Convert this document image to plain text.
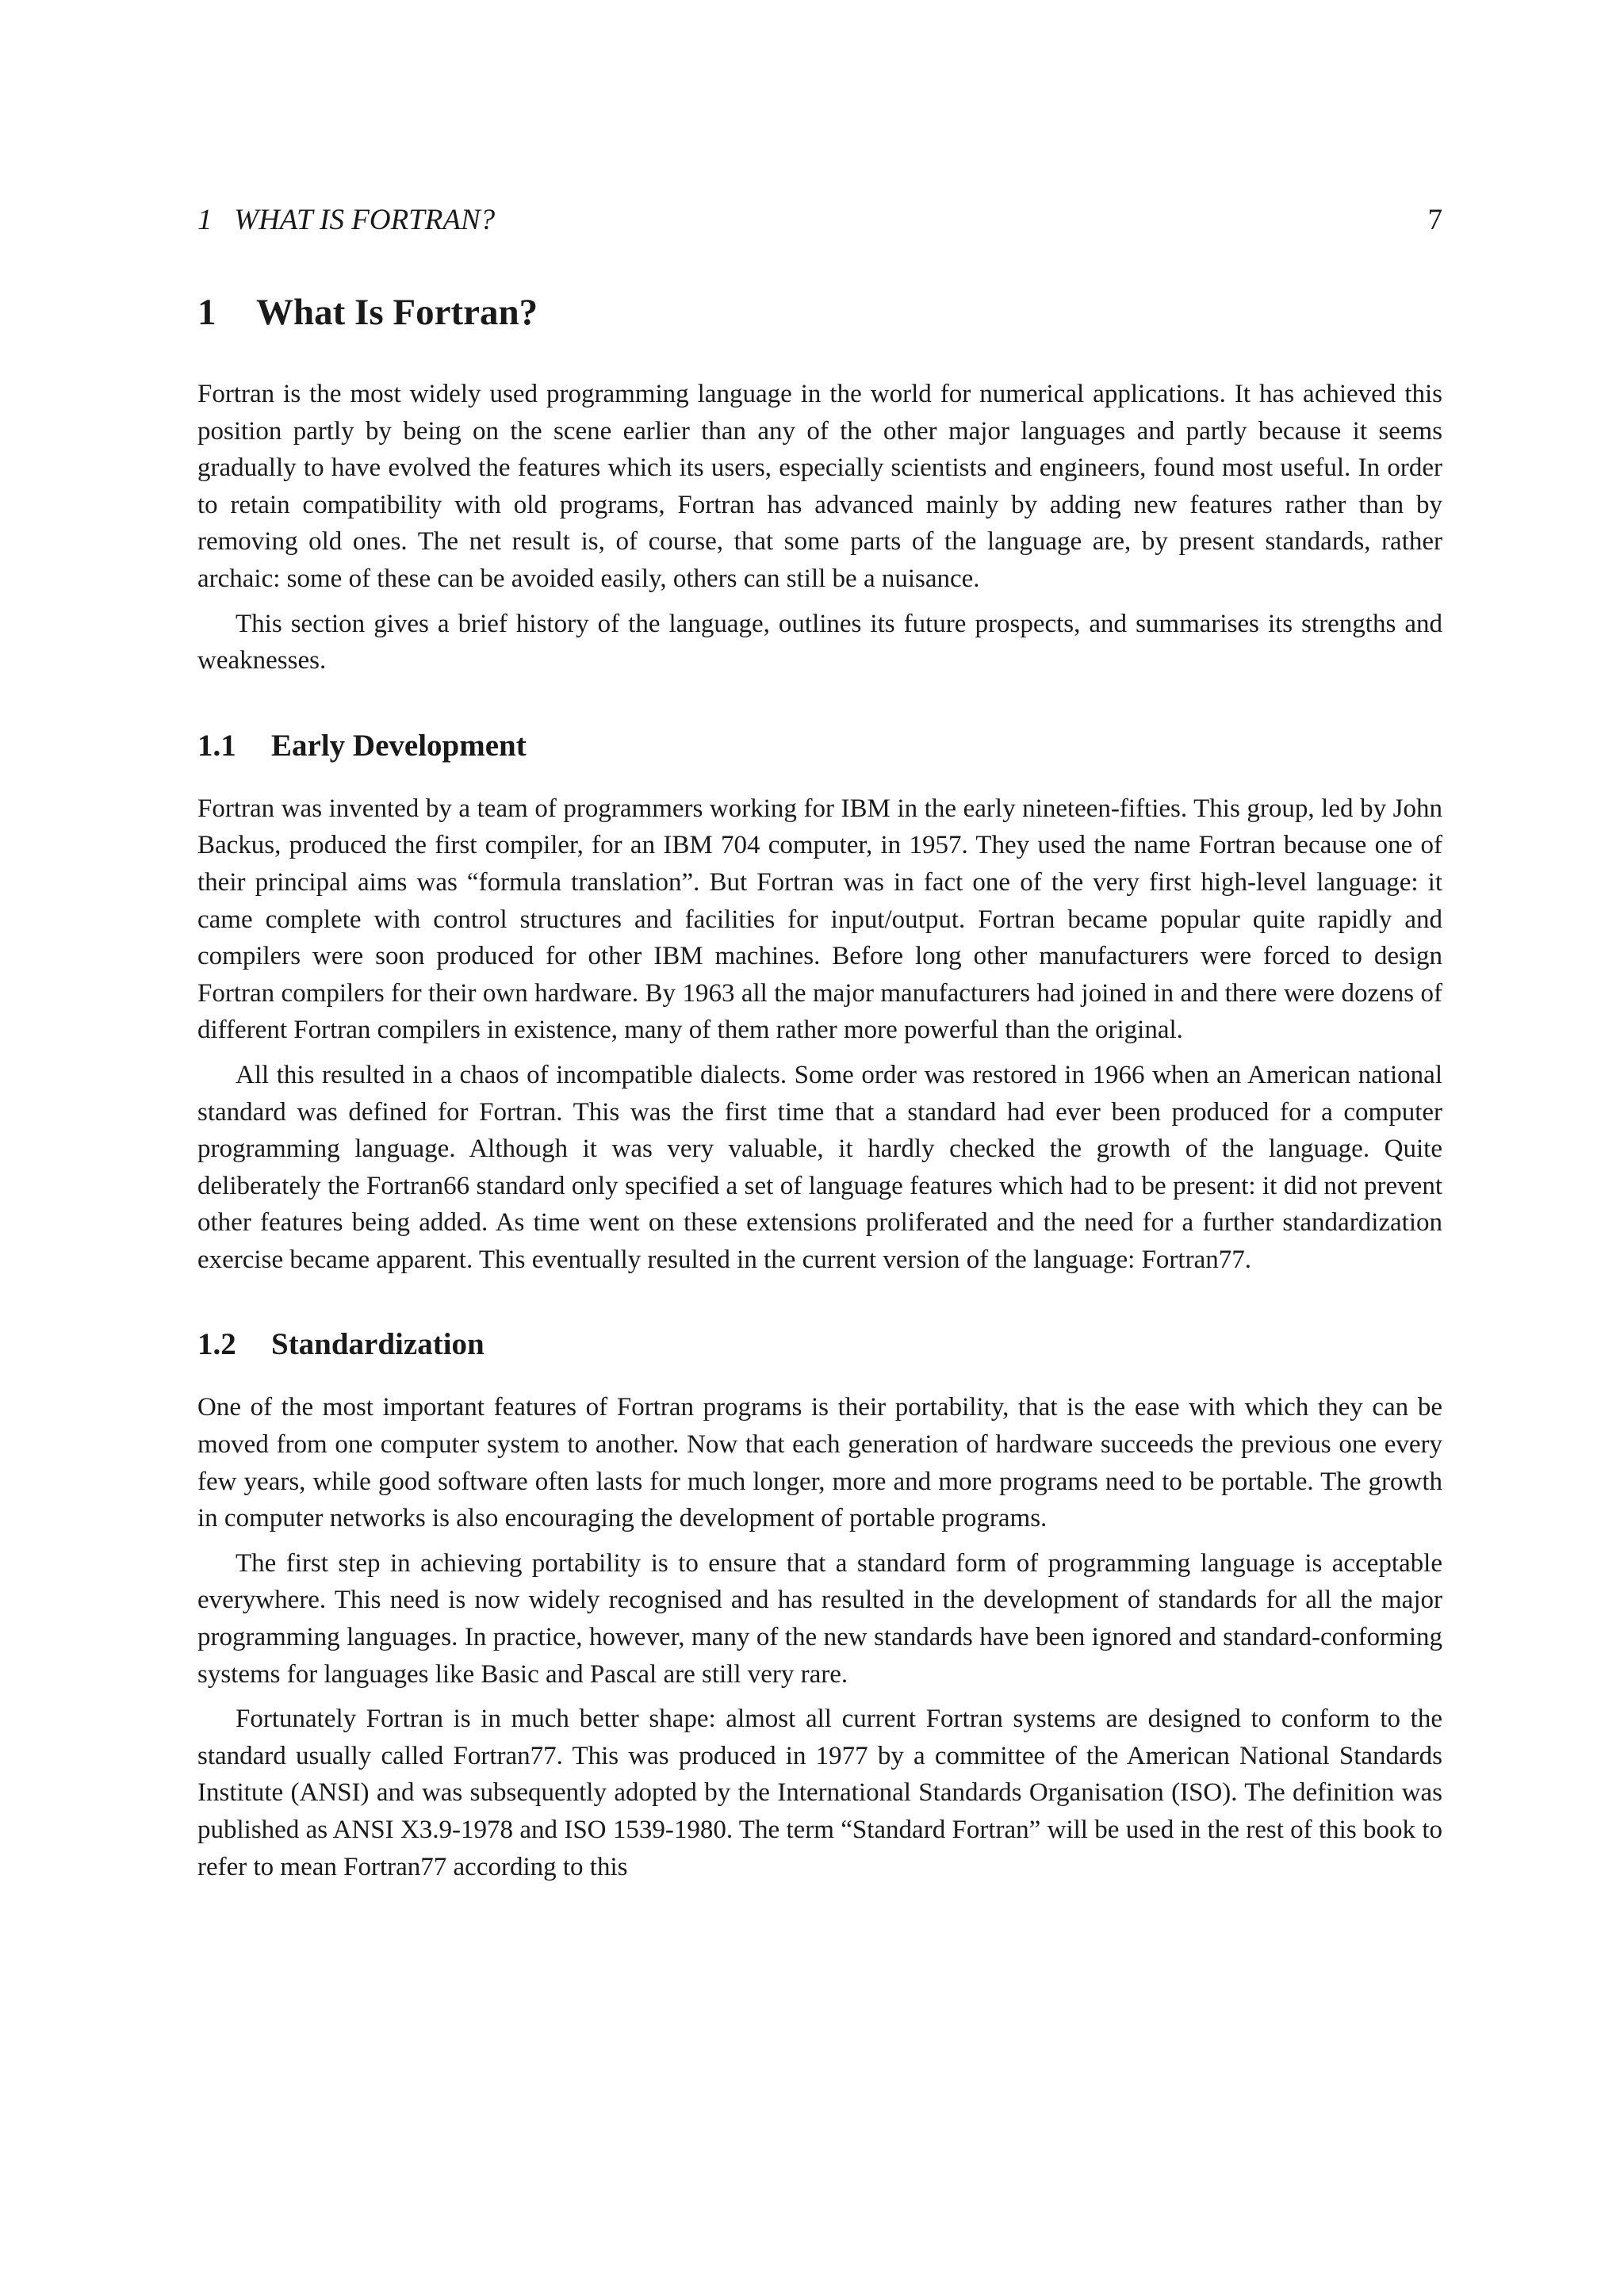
1 WHAT IS FORTRAN?	7
1 What Is Fortran?

Fortran is the most widely used programming language in the world for numerical applications. It has achieved this position partly by being on the scene earlier than any of the other major languages and partly because it seems gradually to have evolved the features which its users, especially scientists and engineers, found most useful. In order to retain compatibility with old programs, Fortran has advanced mainly by adding new features rather than by removing old ones. The net result is, of course, that some parts of the language are, by present standards, rather archaic: some of these can be avoided easily, others can still be a nuisance.

This section gives a brief history of the language, outlines its future prospects, and summarises its strengths and weaknesses.

1.1 Early Development

Fortran was invented by a team of programmers working for IBM in the early nineteen-fifties. This group, led by John Backus, produced the first compiler, for an IBM 704 computer, in 1957. They used the name Fortran because one of their principal aims was “formula translation”. But Fortran was in fact one of the very first high-level language: it came complete with control structures and facilities for input/output. Fortran became popular quite rapidly and compilers were soon produced for other IBM machines. Before long other manufacturers were forced to design Fortran compilers for their own hardware. By 1963 all the major manufacturers had joined in and there were dozens of different Fortran compilers in existence, many of them rather more powerful than the original.

All this resulted in a chaos of incompatible dialects. Some order was restored in 1966 when an American national standard was defined for Fortran. This was the first time that a standard had ever been produced for a computer programming language. Although it was very valuable, it hardly checked the growth of the language. Quite deliberately the Fortran66 standard only specified a set of language features which had to be present: it did not prevent other features being added. As time went on these extensions proliferated and the need for a further standardization exercise became apparent. This eventually resulted in the current version of the language: Fortran77.

1.2 Standardization

One of the most important features of Fortran programs is their portability, that is the ease with which they can be moved from one computer system to another. Now that each generation of hardware succeeds the previous one every few years, while good software often lasts for much longer, more and more programs need to be portable. The growth in computer networks is also encouraging the development of portable programs.

The first step in achieving portability is to ensure that a standard form of programming language is acceptable everywhere. This need is now widely recognised and has resulted in the development of standards for all the major programming languages. In practice, however, many of the new standards have been ignored and standard-conforming systems for languages like Basic and Pascal are still very rare.

Fortunately Fortran is in much better shape: almost all current Fortran systems are designed to conform to the standard usually called Fortran77. This was produced in 1977 by a committee of the American National Standards Institute (ANSI) and was subsequently adopted by the International Standards Organisation (ISO). The definition was published as ANSI X3.9-1978 and ISO 1539-1980. The term “Standard Fortran” will be used in the rest of this book to refer to mean Fortran77 according to this
